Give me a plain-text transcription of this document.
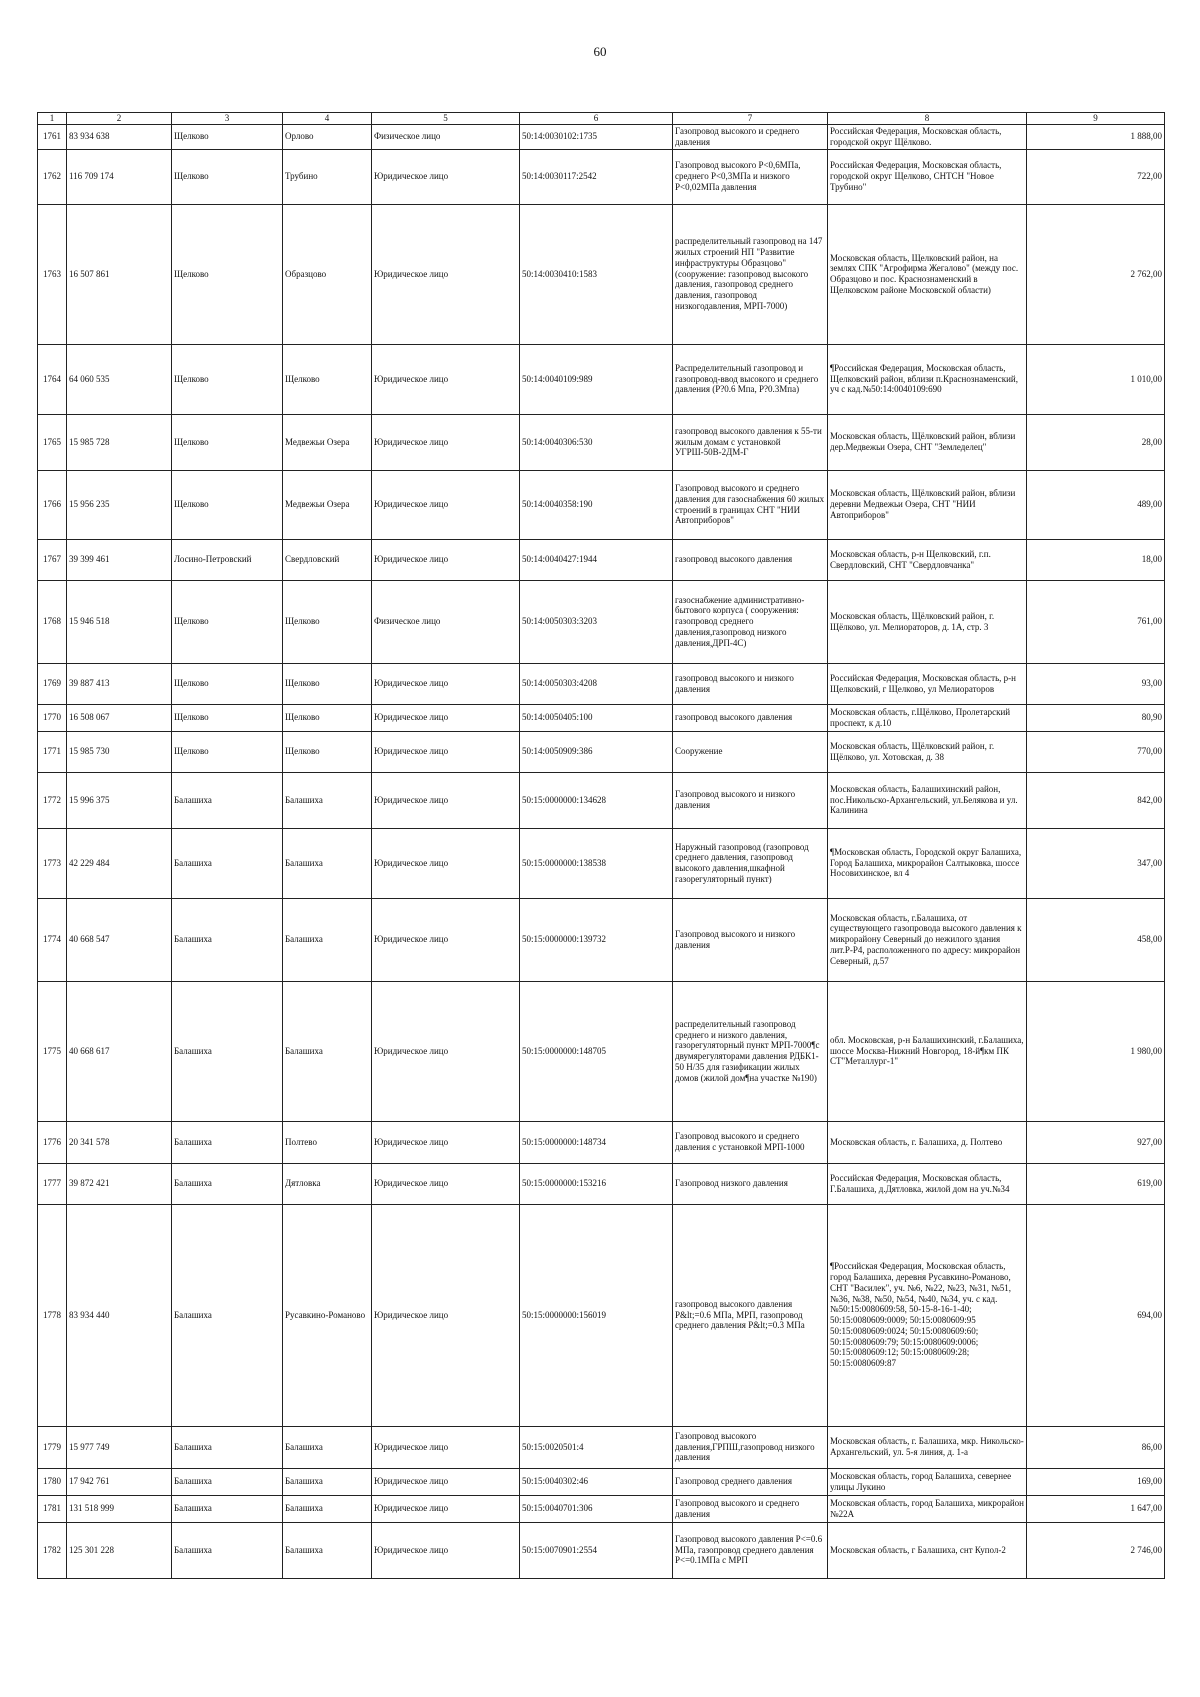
60
1	2	3	4	5	6	7	8	9
1761	83 934 638	Щелково	Орлово	Физическое лицо	50:14:0030102:1735	Газопровод высокого и среднего давления	Российская Федерация, Московская область, городской округ Щёлково.	1 888,00
1762	116 709 174	Щелково	Трубино	Юридическое лицо	50:14:0030117:2542	Газопровод высокого Р<0,6МПа, среднего Р<0,3МПа и низкого Р<0,02МПа давления	Российская Федерация, Московская область, городской округ Щелково, СНТСН "Новое Трубино"	722,00
1763	16 507 861	Щелково	Образцово	Юридическое лицо	50:14:0030410:1583	распределительный газопровод на 147 жилых строений НП "Развитие инфраструктуры Образцово"(сооружение: газопровод высокого давления, газопровод среднего давления, газопровод низкогодавления, МРП-7000)	Московская область, Щелковский район, на землях СПК "Агрофирма Жегалово" (между пос. Образцово и пос. Краснознаменский в Щелковском районе Московской области)	2 762,00
1764	64 060 535	Щелково	Щелково	Юридическое лицо	50:14:0040109:989	Распределительный газопровод и газопровод-ввод высокого и среднего давления (Р?0.6 Мпа, Р?0.3Мпа)	¶Российская Федерация, Московская область, Щелковский район, вблизи п.Краснознаменский, уч с кад.№50:14:0040109:690	1 010,00
1765	15 985 728	Щелково	Медвежьи Озера	Юридическое лицо	50:14:0040306:530	газопровод высокого давления к 55-ти жилым домам с установкой УГРШ-50В-2ДМ-Г	Московская область, Щёлковский район, вблизи дер.Медвежьи Озера, СНТ "Земледелец"	28,00
1766	15 956 235	Щелково	Медвежьи Озера	Юридическое лицо	50:14:0040358:190	Газопровод высокого и среднего давления для газоснабжения 60 жилых строений в границах СНТ "НИИ Автоприборов"	Московская область, Щёлковский район, вблизи деревни Медвежьи Озера, СНТ "НИИ Автоприборов"	489,00
1767	39 399 461	Лосино-Петровский	Свердловский	Юридическое лицо	50:14:0040427:1944	газопровод высокого давления	Московская область, р-н Щелковский, г.п. Свердловский, СНТ "Свердловчанка"	18,00
1768	15 946 518	Щелково	Щелково	Физическое лицо	50:14:0050303:3203	газоснабжение административно-бытового корпуса ( сооружения: газопровод среднего давления,газопровод низкого давления,ДРП-4С)	Московская область, Щёлковский район, г. Щёлково, ул. Мелиораторов, д. 1А, стр. 3	761,00
1769	39 887 413	Щелково	Щелково	Юридическое лицо	50:14:0050303:4208	газопровод высокого и низкого давления	Российская Федерация, Московская область, р-н Щелковский, г Щелково, ул Мелиораторов	93,00
1770	16 508 067	Щелково	Щелково	Юридическое лицо	50:14:0050405:100	газопровод высокого давления	Московская область, г.Щёлково, Пролетарский проспект, к д.10	80,90
1771	15 985 730	Щелково	Щелково	Юридическое лицо	50:14:0050909:386	Сооружение	Московская область, Щёлковский район, г. Щёлково, ул. Хотовская, д. 38	770,00
1772	15 996 375	Балашиха	Балашиха	Юридическое лицо	50:15:0000000:134628	Газопровод высокого и низкого давления	Московская область, Балашихинский район, пос.Никольско-Архангельский, ул.Белякова и ул. Калинина	842,00
1773	42 229 484	Балашиха	Балашиха	Юридическое лицо	50:15:0000000:138538	Наружный газопровод (газопровод среднего давления, газопровод высокого давления,шкафной газорегуляторный пункт)	¶Московская область, Городской округ Балашиха, Город Балашиха, микрорайон Салтыковка, шоссе Носовихинское, вл 4	347,00
1774	40 668 547	Балашиха	Балашиха	Юридическое лицо	50:15:0000000:139732	Газопровод высокого и низкого давления	Московская область, г.Балашиха, от существующего газопровода высокого давления к микрорайону Северный до нежилого здания лит.Р-Р4, расположенного по адресу: микрорайон Северный, д.57	458,00
1775	40 668 617	Балашиха	Балашиха	Юридическое лицо	50:15:0000000:148705	распределительный газопровод среднего и низкого давления, газорегуляторный пункт МРП-7000¶с двумярегуляторами давления РДБК1-50 Н/35 для газификации жилых домов (жилой дом¶на участке №190)	обл. Московская, р-н Балашихинский, г.Балашиха, шоссе Москва-Нижний Новгород, 18-й¶км ПК СТ"Металлург-1"	1 980,00
1776	20 341 578	Балашиха	Полтево	Юридическое лицо	50:15:0000000:148734	Газопровод высокого и среднего давления с установкой МРП-1000	Московская область, г. Балашиха, д. Полтево	927,00
1777	39 872 421	Балашиха	Дятловка	Юридическое лицо	50:15:0000000:153216	Газопровод низкого давления	Российская Федерация, Московская область, Г.Балашиха, д.Дятловка, жилой дом на уч.№34	619,00
1778	83 934 440	Балашиха	Русавкино-Романово	Юридическое лицо	50:15:0000000:156019	газопровод высокого давления P&lt;=0.6 МПа, МРП, газопровод среднего давления P&lt;=0.3 МПа	¶Российская Федерация, Московская область, город Балашиха, деревня Русавкино-Романово, СНТ "Василек", уч. №6, №22, №23, №31, №51, №36, №38, №50, №54, №40, №34, уч. с кад. №50:15:0080609:58, 50-15-8-16-1-40; 50:15:0080609:0009; 50:15:0080609:95 50:15:0080609:0024; 50:15:0080609:60; 50:15:0080609:79; 50:15:0080609:0006; 50:15:0080609:12; 50:15:0080609:28; 50:15:0080609:87	694,00
1779	15 977 749	Балашиха	Балашиха	Юридическое лицо	50:15:0020501:4	Газопровод высокого давления,ГРПШ,газопровод низкого давления	Московская область, г. Балашиха, мкр. Никольско-Архангельский, ул. 5-я линия, д. 1-а	86,00
1780	17 942 761	Балашиха	Балашиха	Юридическое лицо	50:15:0040302:46	Газопровод среднего давления	Московская область, город Балашиха, севернее улицы Лукино	169,00
1781	131 518 999	Балашиха	Балашиха	Юридическое лицо	50:15:0040701:306	Газопровод высокого и среднего давления	Московская область, город Балашиха, микрорайон №22А	1 647,00
1782	125 301 228	Балашиха	Балашиха	Юридическое лицо	50:15:0070901:2554	Газопровод высокого давления Р<=0.6 МПа, газопровод среднего давления Р<=0.1МПа с МРП	Московская область, г Балашиха, снт Купол-2	2 746,00
